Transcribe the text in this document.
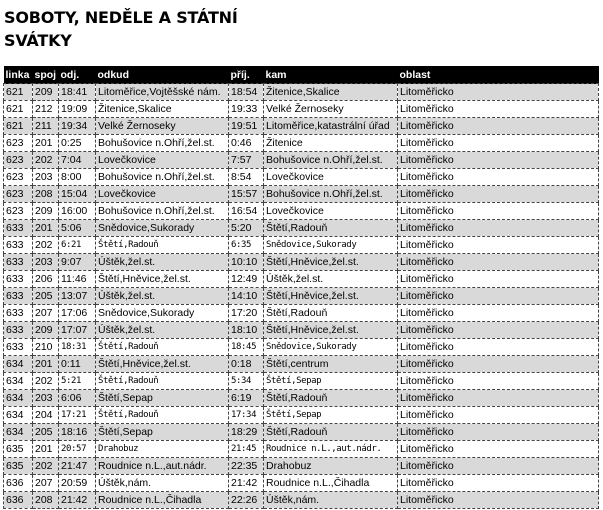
SOBOTY, NEDĚLE A STÁTNÍ
SVÁTKY
linka	spoj	odj.	odkud	příj.	kam	oblast
621	209	18:41	Litoměřice,Vojtěšské nám.	18:54	Žitenice,Skalice	Litoměřicko
621	212	19:09	Žitenice,Skalice	19:33	Velké Žernoseky	Litoměřicko
621	211	19:34	Velké Žernoseky	19:51	Litoměřice,katastrální úřad	Litoměřicko
623	201	0:25	Bohušovice n.Ohří,žel.st.	0:46	Žitenice	Litoměřicko
623	202	7:04	Lovečkovice	7:57	Bohušovice n.Ohří,žel.st.	Litoměřicko
623	203	8:00	Bohušovice n.Ohří,žel.st.	8:54	Lovečkovice	Litoměřicko
623	208	15:04	Lovečkovice	15:57	Bohušovice n.Ohří,žel.st.	Litoměřicko
623	209	16:00	Bohušovice n.Ohří,žel.st.	16:54	Lovečkovice	Litoměřicko
633	201	5:06	Snědovice,Sukorady	5:20	Štětí,Radouň	Litoměřicko
633	202	6:21	Štětí,Radouň	6:35	Snědovice,Sukorady	Litoměřicko
633	203	9:07	Úštěk,žel.st.	10:10	Štětí,Hněvice,žel.st.	Litoměřicko
633	206	11:46	Štětí,Hněvice,žel.st.	12:49	Úštěk,žel.st.	Litoměřicko
633	205	13:07	Úštěk,žel.st.	14:10	Štětí,Hněvice,žel.st.	Litoměřicko
633	207	17:06	Snědovice,Sukorady	17:20	Štětí,Radouň	Litoměřicko
633	209	17:07	Úštěk,žel.st.	18:10	Štětí,Hněvice,žel.st.	Litoměřicko
633	210	18:31	Štětí,Radouň	18:45	Snědovice,Sukorady	Litoměřicko
634	201	0:11	Štětí,Hněvice,žel.st.	0:18	Štětí,centrum	Litoměřicko
634	202	5:21	Štětí,Radouň	5:34	Štětí,Sepap	Litoměřicko
634	203	6:06	Štětí,Sepap	6:19	Štětí,Radouň	Litoměřicko
634	204	17:21	Štětí,Radouň	17:34	Štětí,Sepap	Litoměřicko
634	205	18:16	Štětí,Sepap	18:29	Štětí,Radouň	Litoměřicko
635	201	20:57	Drahobuz	21:45	Roudnice n.L.,aut.nádr.	Litoměřicko
635	202	21:47	Roudnice n.L.,aut.nádr.	22:35	Drahobuz	Litoměřicko
636	207	20:59	Úštěk,nám.	21:42	Roudnice n.L.,Čihadla	Litoměřicko
636	208	21:42	Roudnice n.L.,Čihadla	22:26	Úštěk,nám.	Litoměřicko
